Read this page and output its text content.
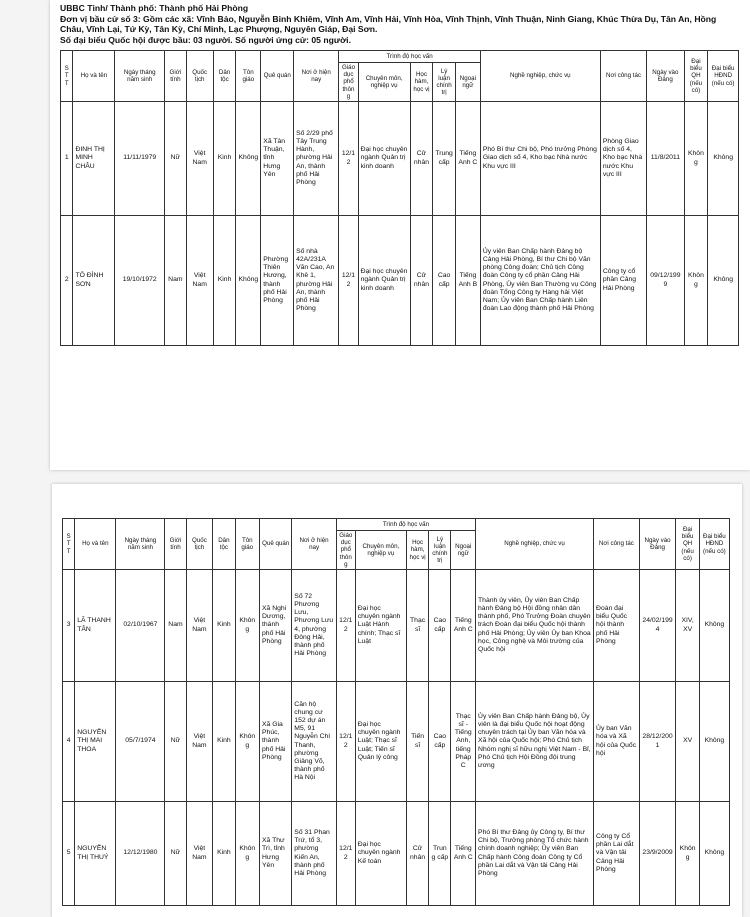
UBBC Tỉnh/ Thành phố: Thành phố Hải Phòng

Đơn vị bầu cử số 3: Gồm các xã: Vĩnh Bảo, Nguyễn Bỉnh Khiêm, Vĩnh Am, Vĩnh Hải, Vĩnh Hòa, Vĩnh Thịnh, Vĩnh Thuận, Ninh Giang, Khúc Thừa Dụ, Tân An, Hồng Châu, Vĩnh Lại, Tứ Kỳ, Tân Kỳ, Chí Minh, Lạc Phượng, Nguyên Giáp, Đại Sơn.

Số đại biểu Quốc hội được bầu: 03 người. Số người ứng cử: 05 người.

ST T	Họ và tên	Ngày tháng năm sinh	Giới tính	Quốc tịch	Dân tộc	Tôn giáo	Quê quán	Nơi ở hiện nay	Trình độ học vấn					Nghề nghiệp, chức vụ	Nơi công tác	Ngày vào Đảng	Đại biểu QH (nếu có)	Đại biểu HĐND (nếu có)
									Giáo dục phổ thông	Chuyên môn, nghiệp vụ	Học hàm, học vị	Lý luận chính trị	Ngoại ngữ					
1	ĐINH THỊ MINH CHÂU	11/11/1979	Nữ	Việt Nam	Kinh	Không	Xã Tân Thuận, tỉnh Hưng Yên	Số 2/29 phố Tây Trung Hành, phường Hải An, thành phố Hải Phòng	12/12	Đại học chuyên ngành Quản trị kinh doanh	Cử nhân	Trung cấp	Tiếng Anh C	Phó Bí thư Chi bộ, Phó trưởng Phòng Giao dịch số 4, Kho bạc Nhà nước Khu vực III	Phòng Giao dịch số 4, Kho bạc Nhà nước Khu vực III	11/8/2011	Không	Không
2	TÔ ĐÌNH SƠN	19/10/1972	Nam	Việt Nam	Kinh	Không	Phường Thiên Hương, thành phố Hải Phòng	Số nhà 42A/231A Văn Cao, An Khê 1, phường Hải An, thành phố Hải Phòng	12/12	Đại học chuyên ngành Quản trị kinh doanh	Cử nhân	Cao cấp	Tiếng Anh B	Ủy viên Ban Chấp hành Đảng bộ Cảng Hải Phòng, Bí thư Chi bộ Văn phòng Công đoàn; Chủ tịch Công đoàn Công ty cổ phần Cảng Hải Phòng, Ủy viên Ban Thường vụ Công đoàn Tổng Công ty Hàng hải Việt Nam; Ủy viên Ban Chấp hành Liên đoàn Lao động thành phố Hải Phòng	Công ty cổ phần Cảng Hải Phòng	09/12/1999	Không	Không
ST T	Họ và tên	Ngày tháng năm sinh	Giới tính	Quốc tịch	Dân tộc	Tôn giáo	Quê quán	Nơi ở hiện nay	Trình độ học vấn					Nghề nghiệp, chức vụ	Nơi công tác	Ngày vào Đảng	Đại biểu QH (nếu có)	Đại biểu HĐND (nếu có)
									Giáo dục phổ thông	Chuyên môn, nghiệp vụ	Học hàm, học vị	Lý luận chính trị	Ngoại ngữ					
3	LÃ THANH TÂN	02/10/1967	Nam	Việt Nam	Kinh	Không	Xã Nghi Dương, thành phố Hải Phòng	Số 72 Phương Lưu, Phương Lưu 4, phường Đông Hải, thành phố Hải Phòng	12/12	Đại học chuyên ngành Luật Hành chính; Thạc sĩ Luật	Thạc sĩ	Cao cấp	Tiếng Anh C	Thành ủy viên, Ủy viên Ban Chấp hành Đảng bộ Hội đồng nhân dân thành phố, Phó Trưởng Đoàn chuyên trách Đoàn đại biểu Quốc hội thành phố Hải Phòng; Ủy viên Ủy ban Khoa học, Công nghệ và Môi trường của Quốc hội	Đoàn đại biểu Quốc hội thành phố Hải Phòng	24/02/1994	XIV, XV	Không
4	NGUYỄN THỊ MAI THOA	05/7/1974	Nữ	Việt Nam	Kinh	Không	Xã Gia Phúc, thành phố Hải Phòng	Căn hộ chung cư 152 dự án M5, 91 Nguyễn Chí Thanh, phường Giảng Võ, thành phố Hà Nội	12/12	Đại học chuyên ngành Luật; Thạc sĩ Luật; Tiến sĩ Quản lý công	Tiến sĩ	Cao cấp	Thạc sĩ - Tiếng Anh, tiếng Pháp C	Ủy viên Ban Chấp hành Đảng bộ, Ủy viên là đại biểu Quốc hội hoạt động chuyên trách tại Ủy ban Văn hóa và Xã hội của Quốc hội; Phó Chủ tịch Nhóm nghị sĩ hữu nghị Việt Nam - Bỉ, Phó Chủ tịch Hội Đồng đội trung ương	Ủy ban Văn hóa và Xã hội của Quốc hội	28/12/2001	XV	Không
5	NGUYỄN THỊ THUÝ	12/12/1980	Nữ	Việt Nam	Kinh	Không	Xã Thư Trì, tỉnh Hưng Yên	Số 31 Phan Trứ, tổ 3, phường Kiến An, thành phố Hải Phòng	12/12	Đại học chuyên ngành Kế toán	Cử nhân	Trung cấp	Tiếng Anh C	Phó Bí thư Đảng ủy Công ty, Bí thư Chi bộ, Trưởng phòng Tổ chức hành chính doanh nghiệp; Ủy viên Ban Chấp hành Công đoàn Công ty Cổ phần Lai dắt và Vận tải Cảng Hải Phòng	Công ty Cổ phần Lai dắt và Vận tải Cảng Hải Phòng	23/9/2009	Không	Không
